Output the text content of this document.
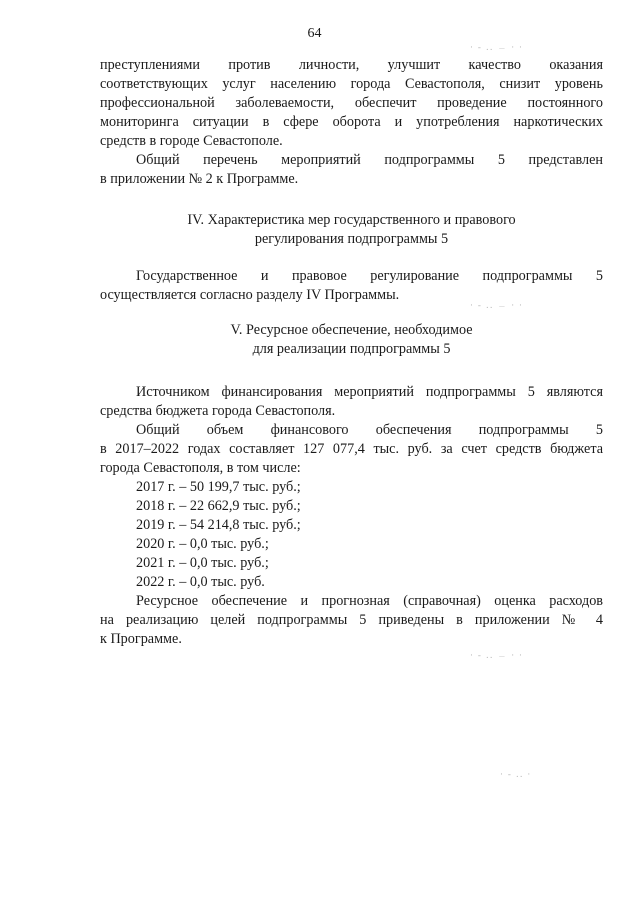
64
· ‑ .. ﹘ · ·
· ‑ .. ﹘ · ·
· ‑ .. ﹘ · ·
· ‑ .. ·

преступлениями против личности, улучшит качество оказания

соответствующих услуг населению города Севастополя, снизит уровень

профессиональной заболеваемости, обеспечит проведение постоянного

мониторинга ситуации в сфере оборота и употребления наркотических

средств в городе Севастополе.

Общий перечень мероприятий подпрограммы 5 представлен

в приложении № 2 к Программе.

IV. Характеристика мер государственного и правового

регулирования подпрограммы 5

Государственное и правовое регулирование подпрограммы 5

осуществляется согласно разделу IV Программы.

V. Ресурсное обеспечение, необходимое

для реализации подпрограммы 5

Источником финансирования мероприятий подпрограммы 5 являются

средства бюджета города Севастополя.

Общий объем финансового обеспечения подпрограммы 5

в 2017–2022 годах составляет 127 077,4 тыс. руб. за счет средств бюджета

города Севастополя, в том числе:

2017 г. – 50 199,7 тыс. руб.;

2018 г. – 22 662,9 тыс. руб.;

2019 г. – 54 214,8 тыс. руб.;

2020 г. – 0,0 тыс. руб.;

2021 г. – 0,0 тыс. руб.;

2022 г. – 0,0 тыс. руб.

Ресурсное обеспечение и прогнозная (справочная) оценка расходов

на реализацию целей подпрограммы 5 приведены в приложении № 4

к Программе.
